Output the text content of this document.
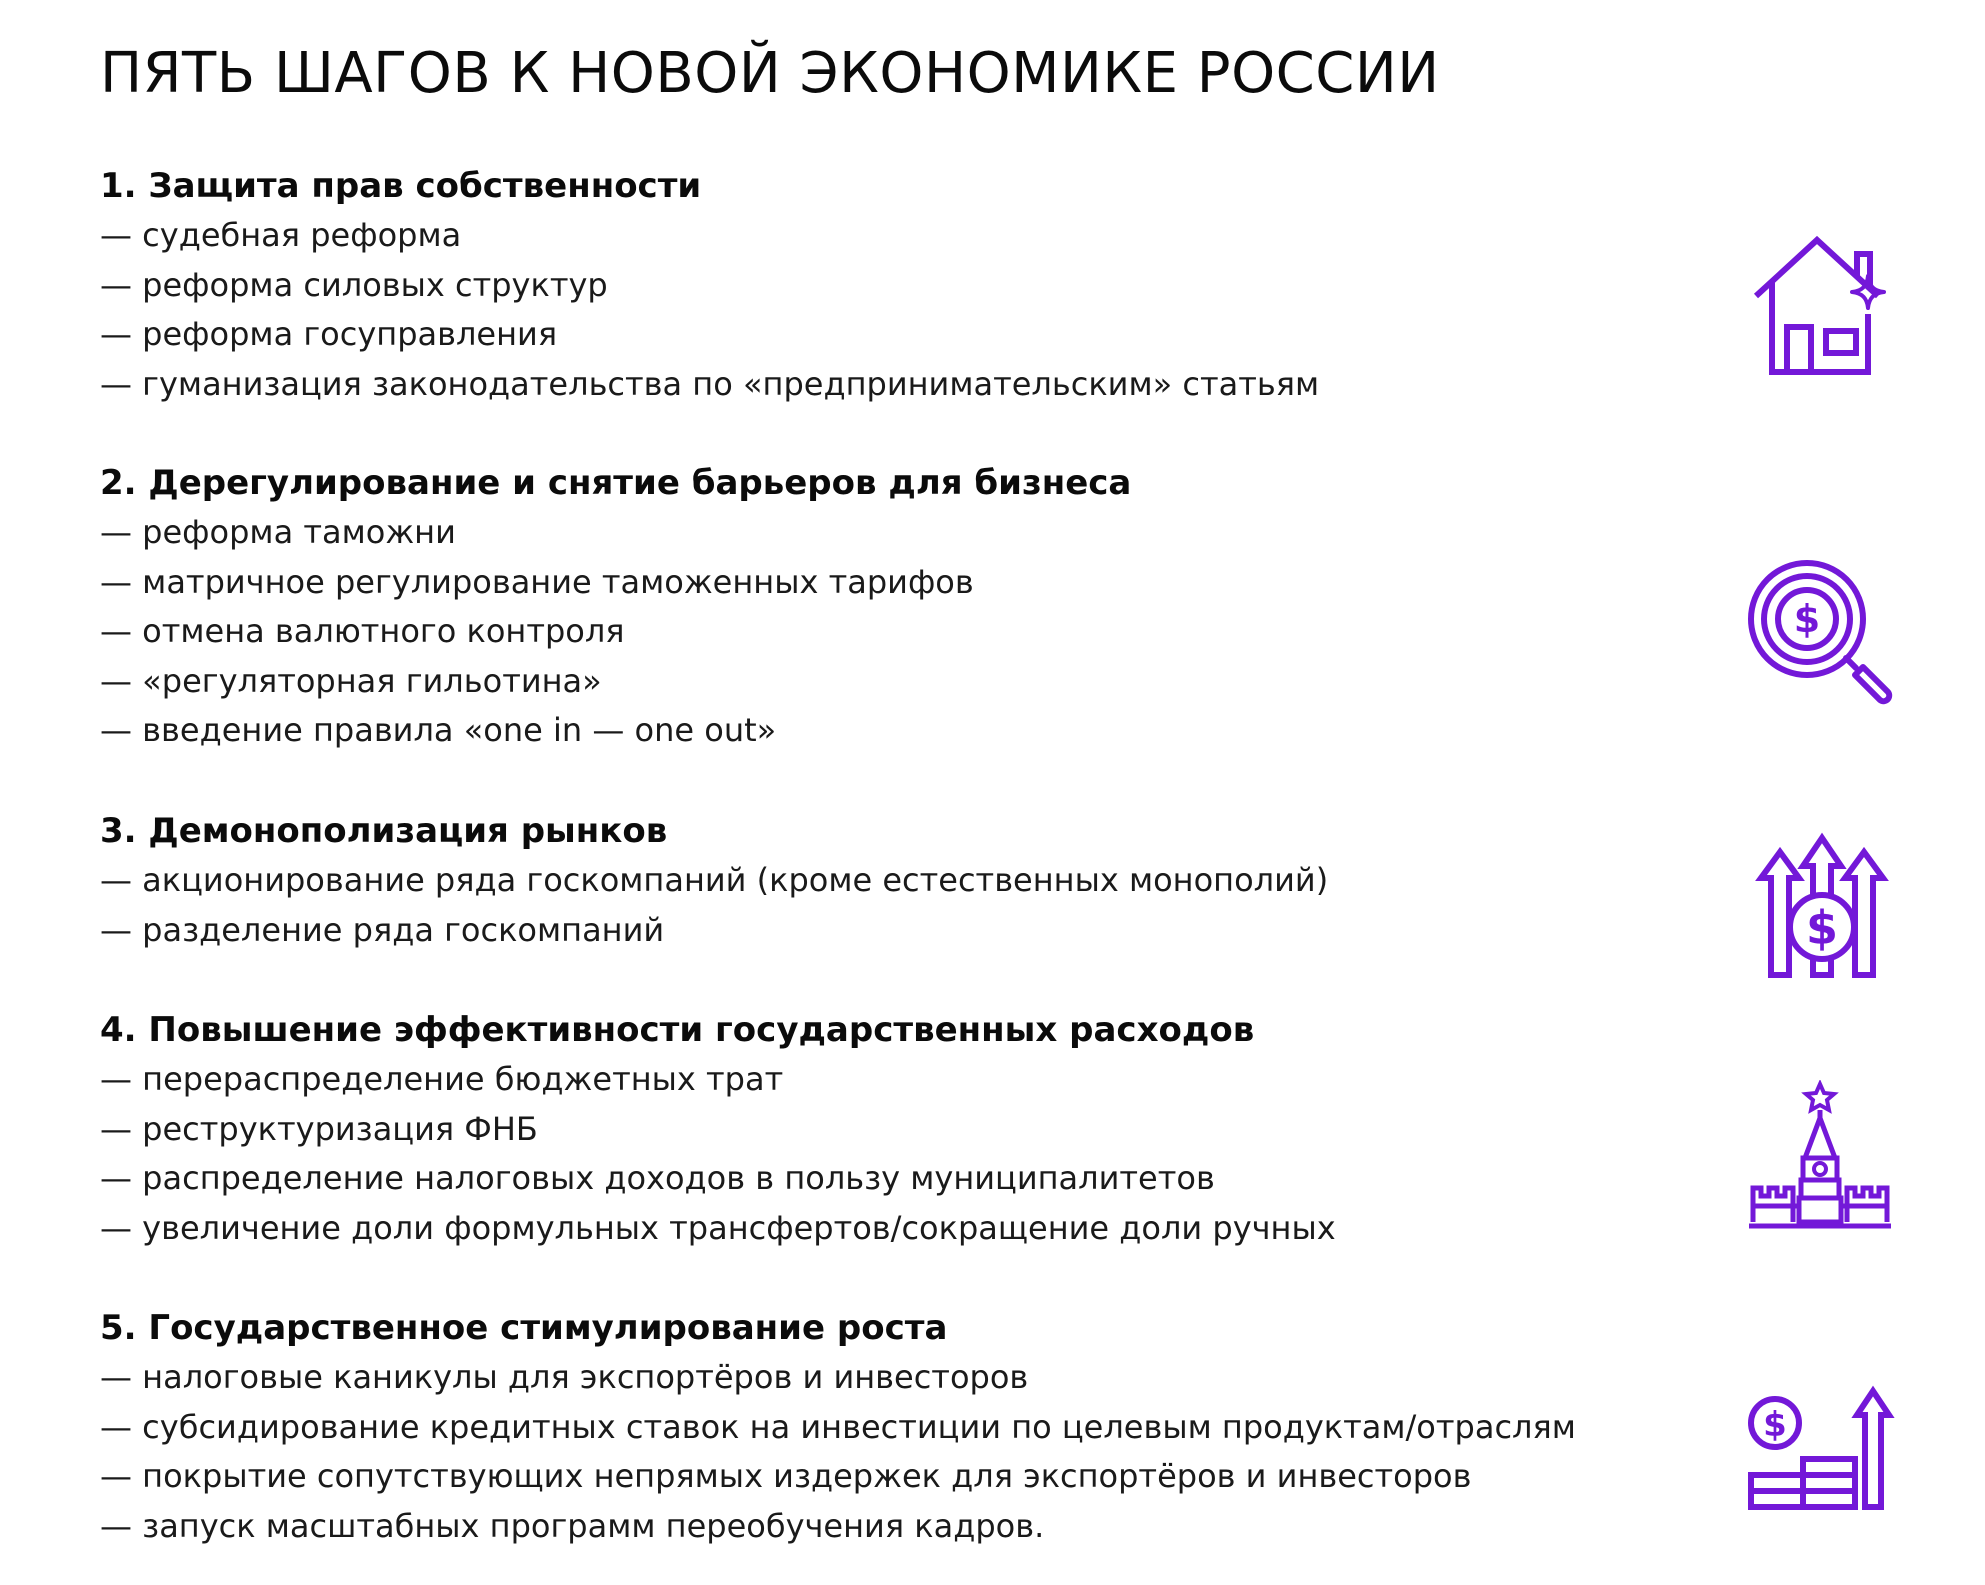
ПЯТЬ ШАГОВ К НОВОЙ ЭКОНОМИКЕ РОССИИ
1. Защита прав собственности
— судебная реформа
— реформа силовых структур
— реформа госуправления
— гуманизация законодательства по «предпринимательским» статьям
2. Дерегулирование и снятие барьеров для бизнеса
— реформа таможни
— матричное регулирование таможенных тарифов
— отмена валютного контроля
— «регуляторная гильотина»
— введение правила «one in — one out»
3. Демонополизация рынков
— акционирование ряда госкомпаний (кроме естественных монополий)
— разделение ряда госкомпаний
4. Повышение эффективности государственных расходов
— перераспределение бюджетных трат
— реструктуризация ФНБ
— распределение налоговых доходов в пользу муниципалитетов
— увеличение доли формульных трансфертов/сокращение доли ручных
5. Государственное стимулирование роста
— налоговые каникулы для экспортёров и инвесторов
— субсидирование кредитных ставок на инвестиции по целевым продуктам/отраслям
— покрытие сопутствующих непрямых издержек для экспортёров и инвесторов
— запуск масштабных программ переобучения кадров.
$
$
$
